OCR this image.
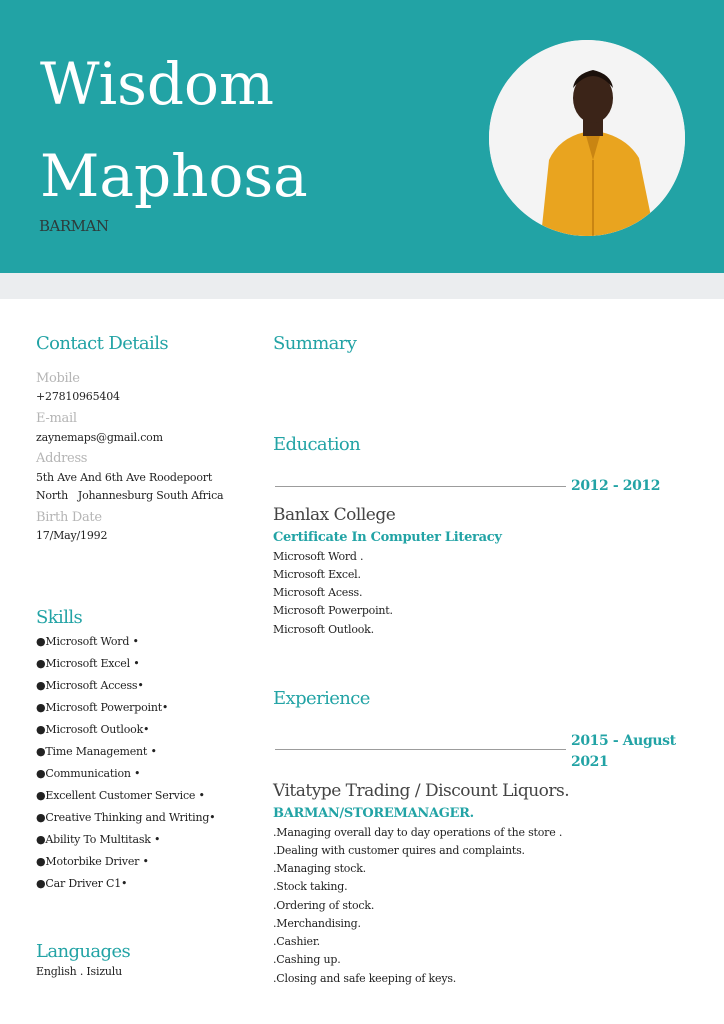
Wisdom
Maphosa
BARMAN
Contact Details
Mobile
+27810965404
E-mail
zaynemaps@gmail.com
Address
5th Ave And 6th Ave Roodepoort
North   Johannesburg South Africa
Birth Date
17/May/1992
Skills
●Microsoft Word •
●Microsoft Excel •
●Microsoft Access•
●Microsoft Powerpoint•
●Microsoft Outlook•
●Time Management •
●Communication •
●Excellent Customer Service •
●Creative Thinking and Writing•
●Ability To Multitask •
●Motorbike Driver •
●Car Driver C1•
Languages
English . Isizulu
Summary
Education
2012 - 2012
Banlax College
Certificate In Computer Literacy
Microsoft Word .
Microsoft Excel.
Microsoft Acess.
Microsoft Powerpoint.
Microsoft Outlook.
Experience
2015 - August
2021
Vitatype Trading / Discount Liquors.
BARMAN/STOREMANAGER.
.Managing overall day to day operations of the store .
.Dealing with customer quires and complaints.
.Managing stock.
.Stock taking.
.Ordering of stock.
.Merchandising.
.Cashier.
.Cashing up.
.Closing and safe keeping of keys.
